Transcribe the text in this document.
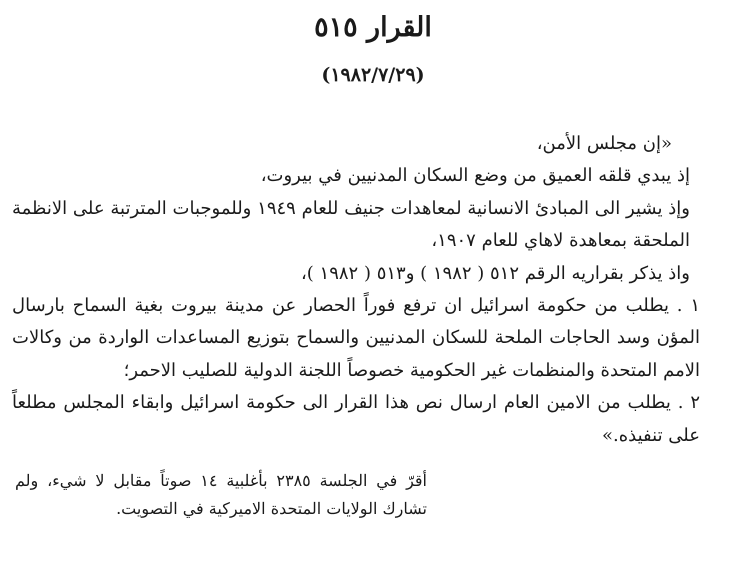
القرار ٥١٥
(١٩٨٢/٧/٢٩)

«إن مجلس الأمن،

إذ يبدي قلقه العميق من وضع السكان المدنيين في بيروت،

وإذ يشير الى المبادئ الانسانية لمعاهدات جنيف للعام ١٩٤٩ وللموجبات المترتبة على الانظمة الملحقة بمعاهدة لاهاي للعام ١٩٠٧،

واذ يذكر بقراريه الرقم ٥١٢ ( ١٩٨٢ ) و٥١٣ ( ١٩٨٢ )،

١ . يطلب من حكومة اسرائيل ان ترفع فوراً الحصار عن مدينة بيروت بغية السماح بارسال المؤن وسد الحاجات الملحة للسكان المدنيين والسماح بتوزيع المساعدات الواردة من وكالات الامم المتحدة والمنظمات غير الحكومية خصوصاً اللجنة الدولية للصليب الاحمر؛

٢ . يطلب من الامين العام ارسال نص هذا القرار الى حكومة اسرائيل وابقاء المجلس مطلعاً على تنفيذه.»

أقرّ في الجلسة ٢٣٨٥ بأغلبية ١٤ صوتاً مقابل لا شيء، ولم تشارك الولايات المتحدة الاميركية في التصويت.
